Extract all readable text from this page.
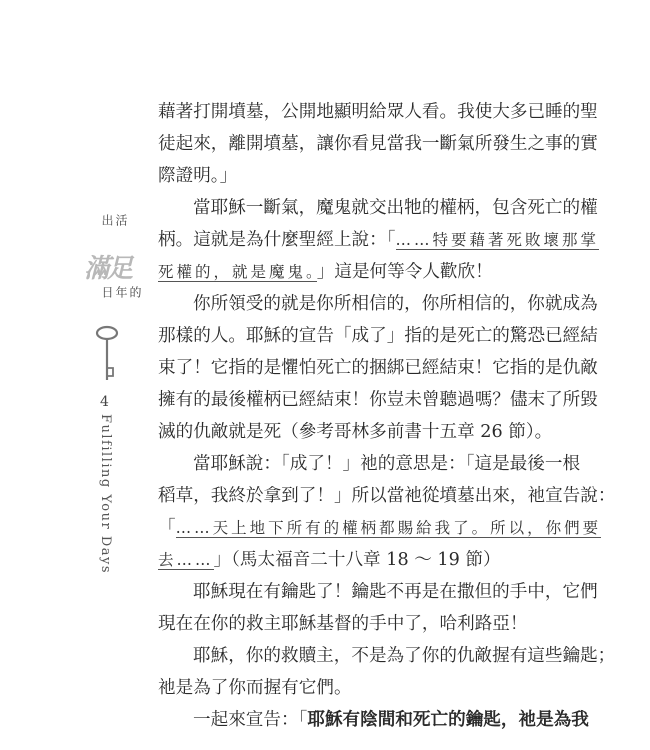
活出
滿足
的年日
4
Fulfilling Your Days

藉著打開墳墓，公開地顯明給眾人看。我使大多已睡的聖
徒起來，離開墳墓，讓你看見當我一斷氣所發生之事的實
際證明。」

當耶穌一斷氣，魔鬼就交出牠的權柄，包含死亡的權
柄。這就是為什麼聖經上說：「……特要藉著死敗壞那掌
死權的，就是魔鬼。」這是何等令人歡欣！

你所領受的就是你所相信的，你所相信的，你就成為
那樣的人。耶穌的宣告「成了」指的是死亡的驚恐已經結
束了！它指的是懼怕死亡的捆綁已經結束！它指的是仇敵
擁有的最後權柄已經結束！你豈未曾聽過嗎？儘末了所毀
滅的仇敵就是死（參考哥林多前書十五章 26 節）。

當耶穌說：「成了！」祂的意思是：「這是最後一根
稻草，我終於拿到了！」所以當祂從墳墓出來，祂宣告說：
「……天上地下所有的權柄都賜給我了。所以，你們要
去……」（馬太福音二十八章 18 ～ 19 節）

耶穌現在有鑰匙了！鑰匙不再是在撒但的手中，它們
現在在你的救主耶穌基督的手中了，哈利路亞！

耶穌，你的救贖主，不是為了你的仇敵握有這些鑰匙；
祂是為了你而握有它們。

一起來宣告：「耶穌有陰間和死亡的鑰匙，祂是為我
